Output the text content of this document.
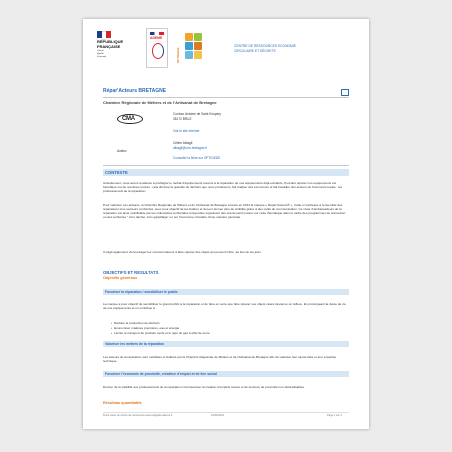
RÉPUBLIQUE
FRANÇAISE
Liberté
Égalité
Fraternité
ADEME
OPTIGEDE
CENTRE DE RESSOURCES ECONOMIE
CIRCULAIRE ET DÉCHETS
Répar'Acteurs BRETAGNE
Chambre Régionale de Métiers et de l'Artisanat de Bretagne
CMA
Contour Antoine de Saint Exupery
35172 BRUZ
Voir le site internet
Auteur:
Céline Albagli
albagli@crm-bretagne.fr
Consulter la fiche sur OPTIGEDE
CONTEXTE
Actuellement, nous avons tendance à privilégier le rachat d'équipements récents à la réparation de nos équipements déjà existants. Pourtant réparer nos équipements est bénéfique sur de nombreux points : cela diminue la quantité de déchets que nous produisons, fait réaliser des économies et fait travailler des acteurs de l'économie locale : les professionnels de la réparation.
Pour valoriser ces artisans, la Chambre Régionale de Métiers et de l'Artisanat de Bretagne a lancé en 2013 la marque « Répar'Acteurs® ». Celle-ci s'adresse à l'ensemble des réparateurs tous secteurs confondus, avec pour objectif de les fédérer et de leur donner plus de visibilité grâce à des outils de communication. Ce vivier d'ambassadeurs de la réparation est ainsi mobilisable par les collectivités territoriales lorsqu'elles organisent des évènements locaux sur cette thématique dans le cadre des programmes de prévention ou des territoires " zéro déchet, zéro gaspillage" ou sur l'économie circulaire d'une manière générale.
Il s'agit également d'encourager les consommateurs à faire réparer des objets qui peuvent l'être, au lieu de les jeter.
OBJECTIFS ET RESULTATS
Objectifs généraux
Favoriser la réparation / sensibiliser le public
La marque a pour objectif de sensibiliser le grand public à la réparation et de faire en sorte que faire réparer ses objets casés devienne un réflexe. En prolongeant la durée de vie de nos équipements et on contribue à :
• Réduire la production de déchets
• Economiser matières premières, eau et énergie
• Limiter le transport de produits neufs et le rejet de gaz à effet de serre
Valoriser les métiers de la réparation
Les acteurs de la réparation sont mobilisés et fédérés par la Chambre Régionale de Métiers et de l'Artisanat de Bretagne afin de valoriser leur savoir-faire et leur expertise technique.
Favoriser l'économie de proximité, créatrice d'emploi et de lien social
Donner de la visibilité aux professionnels de la réparation c'est favoriser la création d'emplois locaux et de services de proximité non délocalisables.
Résultats quantitatifs
Fiche issue du centre de ressources www.optigede.ademe.fr	16/04/2024	Page 1 sur 3
